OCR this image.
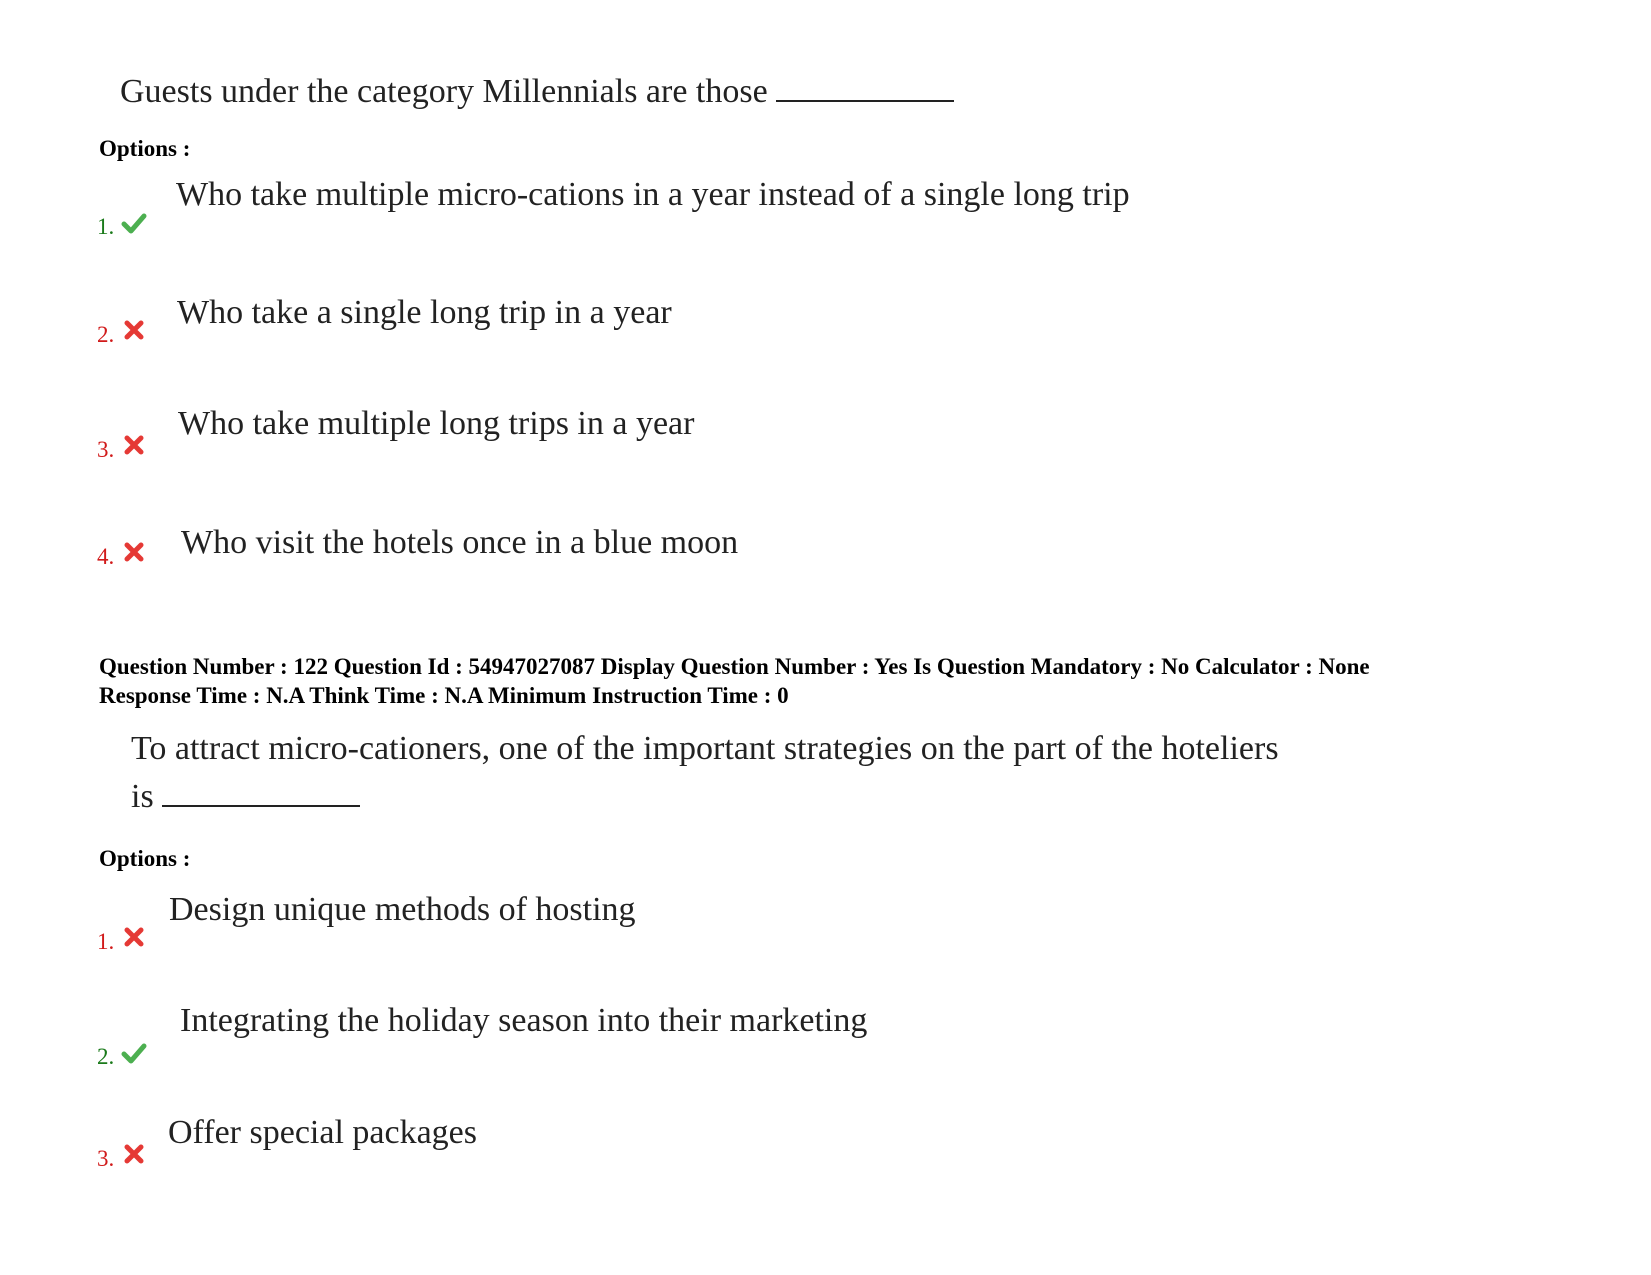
Guests under the category Millennials are those
Options :
1.
Who take multiple micro-cations in a year instead of a single long trip
2.
Who take a single long trip in a year
3.
Who take multiple long trips in a year
4. Who visit the hotels once in a blue moon
Question Number : 122 Question Id : 54947027087 Display Question Number : Yes Is Question Mandatory : No Calculator : None
Response Time : N.A Think Time : N.A Minimum Instruction Time : 0
To attract micro-cationers, one of the important strategies on the part of the hoteliers
is
Options :
1.
Design unique methods of hosting
2.
Integrating the holiday season into their marketing
3.
Offer special packages
